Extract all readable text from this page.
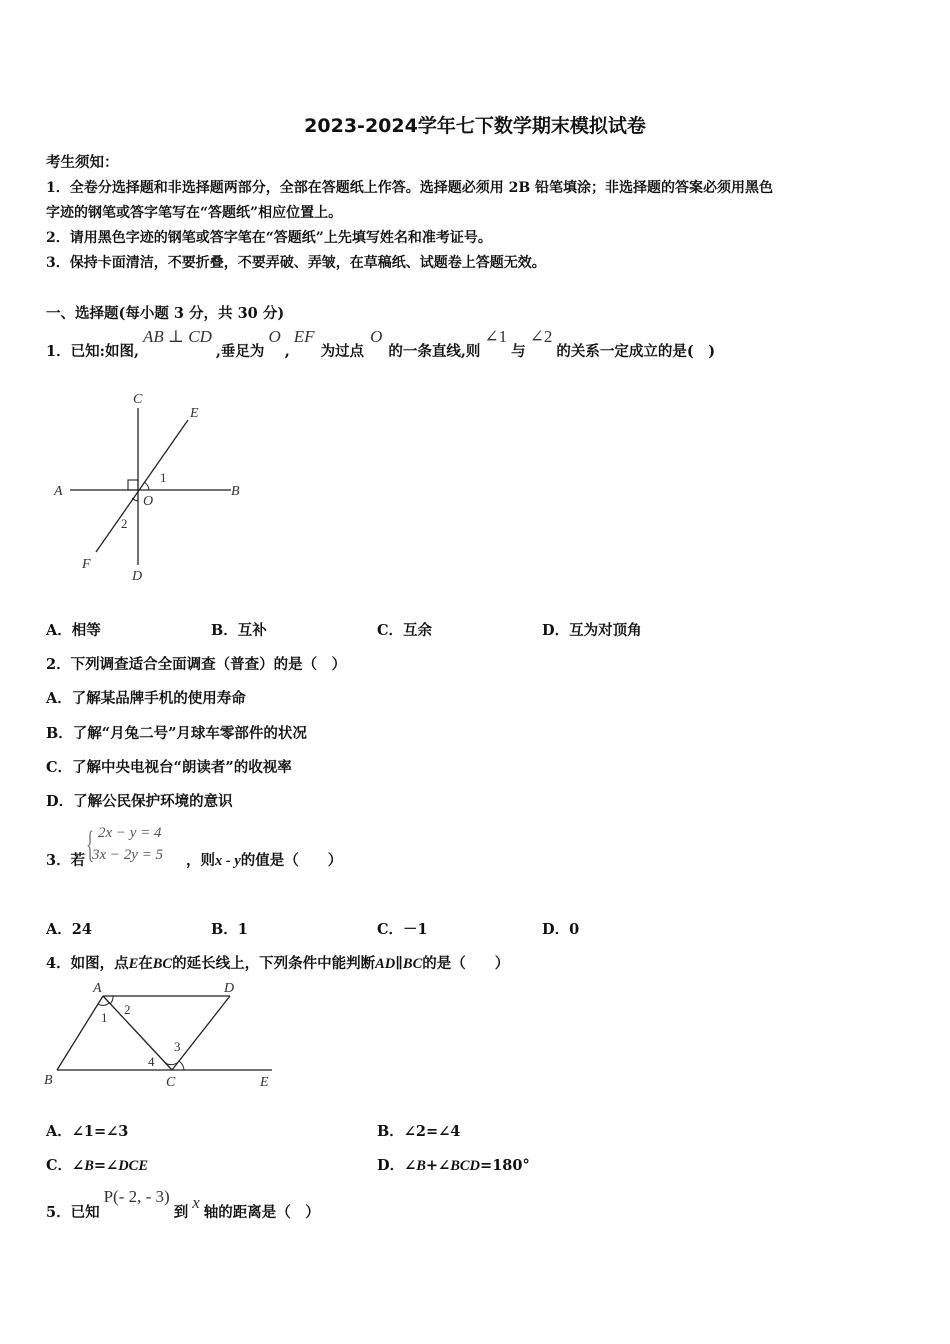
2023-2024学年七下数学期末模拟试卷
考生须知：
1．全卷分选择题和非选择题两部分，全部在答题纸上作答。选择题必须用 2B 铅笔填涂；非选择题的答案必须用黑色
字迹的钢笔或答字笔写在“答题纸”相应位置上。
2．请用黑色字迹的钢笔或答字笔在“答题纸”上先填写姓名和准考证号。
3．保持卡面清洁，不要折叠，不要弄破、弄皱，在草稿纸、试题卷上答题无效。
一、选择题(每小题 3 分，共 30 分)
1．已知:如图,AB ⊥ CD,垂足为O,EF为过点O的一条直线,则∠1与∠2的关系一定成立的是(　)
C
E
A	B
O
1
2
F
D
A．相等	B．互补	C．互余	D．互为对顶角
2．下列调查适合全面调查（普查）的是（　）
A．了解某品牌手机的使用寿命
B．了解“月兔二号”月球车零部件的状况
C．了解中央电视台“朗读者”的收视率
D．了解公民保护环境的意识
3．若 { 2x − y = 4
3x − 2y = 5 ，则x - y的值是（　　）
A．24	B．1	C．－1	D．0
4．如图，点E在BC的延长线上，下列条件中能判断AD∥BC的是（　　）
A	D
1
2
3
4
B	C	E
A．∠1=∠3	B．∠2=∠4
C．∠B=∠DCE	D．∠B+∠BCD=180°
5．已知P(- 2, - 3)到x轴的距离是（　）
